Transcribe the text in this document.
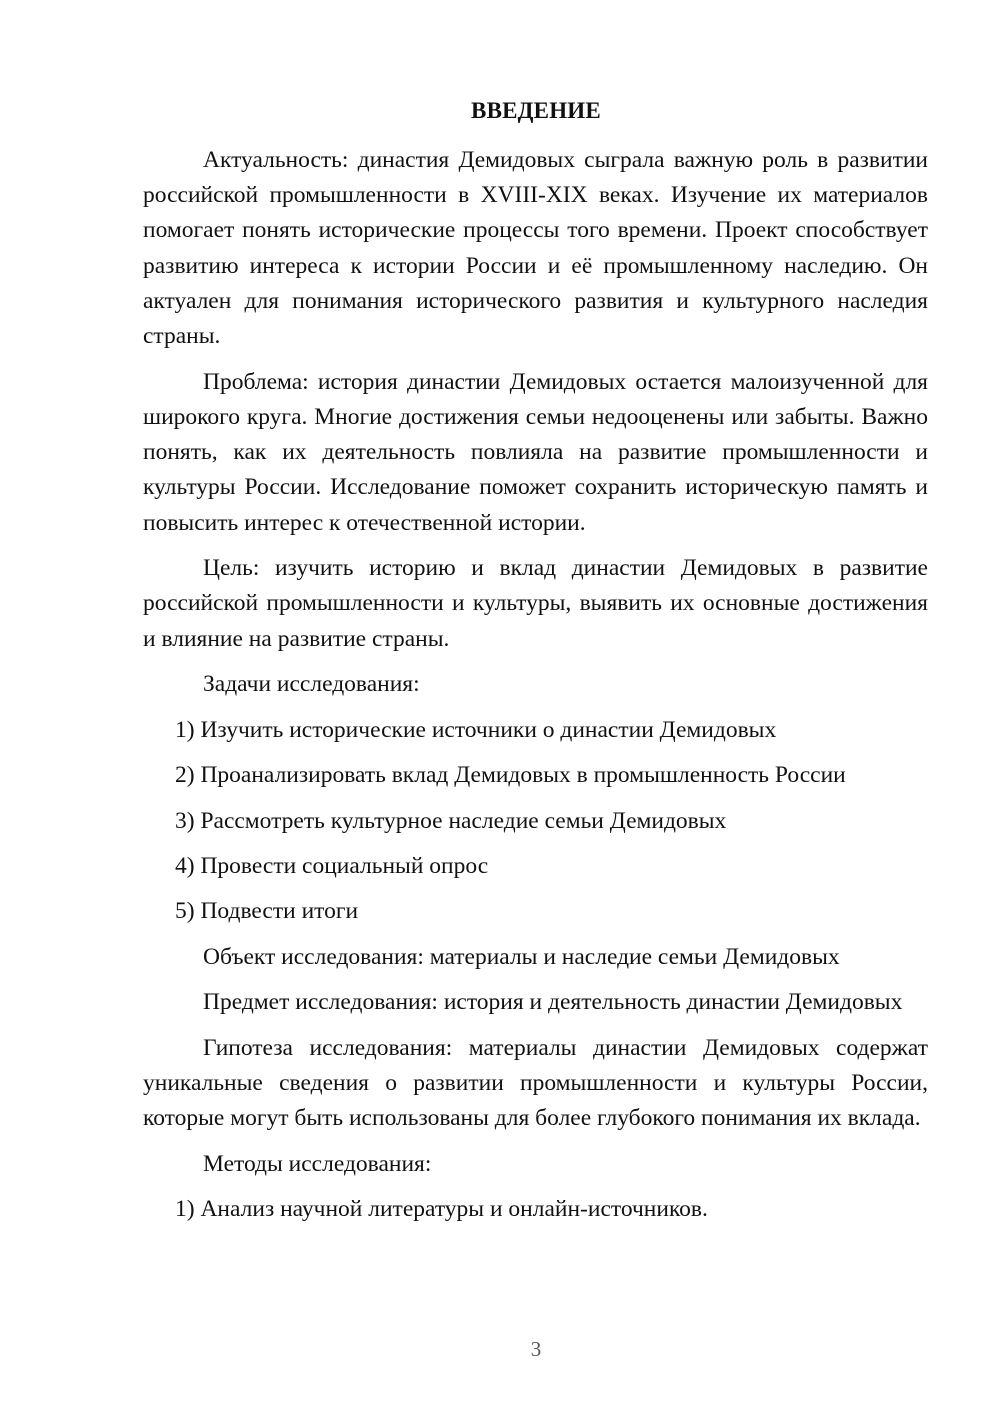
ВВЕДЕНИЕ

Актуальность: династия Демидовых сыграла важную роль в развитии российской промышленности в XVIII-XIX веках. Изучение их материалов помогает понять исторические процессы того времени. Проект способствует развитию интереса к истории России и её промышленному наследию. Он актуален для понимания исторического развития и культурного наследия страны.

Проблема: история династии Демидовых остается малоизученной для широкого круга. Многие достижения семьи недооценены или забыты. Важно понять, как их деятельность повлияла на развитие промышленности и культуры России. Исследование поможет сохранить историческую память и повысить интерес к отечественной истории.

Цель: изучить историю и вклад династии Демидовых в развитие российской промышленности и культуры, выявить их основные достижения и влияние на развитие страны.

Задачи исследования:

1) Изучить исторические источники о династии Демидовых

2) Проанализировать вклад Демидовых в промышленность России

3) Рассмотреть культурное наследие семьи Демидовых

4) Провести социальный опрос

5) Подвести итоги

Объект исследования: материалы и наследие семьи Демидовых

Предмет исследования: история и деятельность династии Демидовых

Гипотеза исследования: материалы династии Демидовых содержат уникальные сведения о развитии промышленности и культуры России, которые могут быть использованы для более глубокого понимания их вклада.

Методы исследования:

1) Анализ научной литературы и онлайн-источников.

3
